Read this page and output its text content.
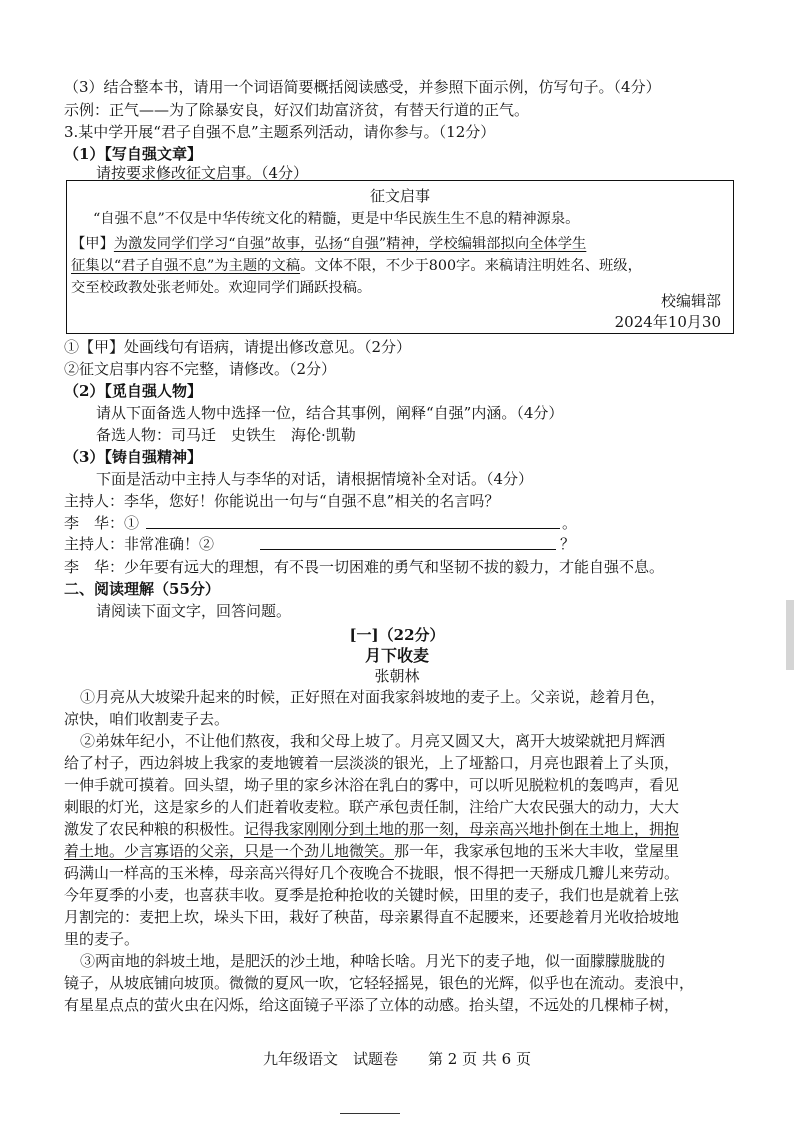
（3）结合整本书，请用一个词语简要概括阅读感受，并参照下面示例，仿写句子。（4分）
示例：正气——为了除暴安良，好汉们劫富济贫，有替天行道的正气。
3.某中学开展“君子自强不息”主题系列活动，请你参与。（12分）
（1）【写自强文章】
请按要求修改征文启事。（4分）
征文启事
“自强不息”不仅是中华传统文化的精髓，更是中华民族生生不息的精神源泉。
【甲】为激发同学们学习“自强”故事，弘扬“自强”精神，学校编辑部拟向全体学生
征集以“君子自强不息”为主题的文稿。文体不限，不少于800字。来稿请注明姓名、班级，
交至校政教处张老师处。欢迎同学们踊跃投稿。
校编辑部
2024年10月30
①【甲】处画线句有语病，请提出修改意见。（2分）
②征文启事内容不完整，请修改。（2分）
（2）【觅自强人物】
请从下面备选人物中选择一位，结合其事例，阐释“自强”内涵。（4分）
备选人物：司马迁　史铁生　海伦·凯勒
（3）【铸自强精神】
下面是活动中主持人与李华的对话，请根据情境补全对话。（4分）
主持人：李华，您好！你能说出一句与“自强不息”相关的名言吗？
李　华：①	。
主持人：非常准确！②	？
李　华：少年要有远大的理想，有不畏一切困难的勇气和坚韧不拔的毅力，才能自强不息。
二、阅读理解（55分）
请阅读下面文字，回答问题。
[一]（22分）
月下收麦
张朝林
①月亮从大坡梁升起来的时候，正好照在对面我家斜坡地的麦子上。父亲说，趁着月色，
凉快，咱们收割麦子去。
②弟妹年纪小，不让他们熬夜，我和父母上坡了。月亮又圆又大，离开大坡梁就把月辉洒
给了村子，西边斜坡上我家的麦地镀着一层淡淡的银光，上了垭豁口，月亮也跟着上了头顶，
一伸手就可摸着。回头望，坳子里的家乡沐浴在乳白的雾中，可以听见脱粒机的轰鸣声，看见
刺眼的灯光，这是家乡的人们赶着收麦粒。联产承包责任制，注给广大农民强大的动力，大大
激发了农民种粮的积极性。记得我家刚刚分到土地的那一刻，母亲高兴地扑倒在土地上，拥抱
着土地。少言寡语的父亲，只是一个劲儿地微笑。那一年，我家承包地的玉米大丰收，堂屋里
码满山一样高的玉米棒，母亲高兴得好几个夜晚合不拢眼，恨不得把一天掰成几瓣儿来劳动。
今年夏季的小麦，也喜获丰收。夏季是抢种抢收的关键时候，田里的麦子，我们也是就着上弦
月割完的：麦把上坎，垛头下田，栽好了秧苗，母亲累得直不起腰来，还要趁着月光收拾坡地
里的麦子。
③两亩地的斜坡土地，是肥沃的沙土地，种啥长啥。月光下的麦子地，似一面朦朦胧胧的
镜子，从坡底铺向坡顶。微微的夏风一吹，它轻轻摇晃，银色的光辉，似乎也在流动。麦浪中，
有星星点点的萤火虫在闪烁，给这面镜子平添了立体的动感。抬头望，不远处的几棵柿子树，
九年级语文　试题卷　　第 2 页 共 6 页
